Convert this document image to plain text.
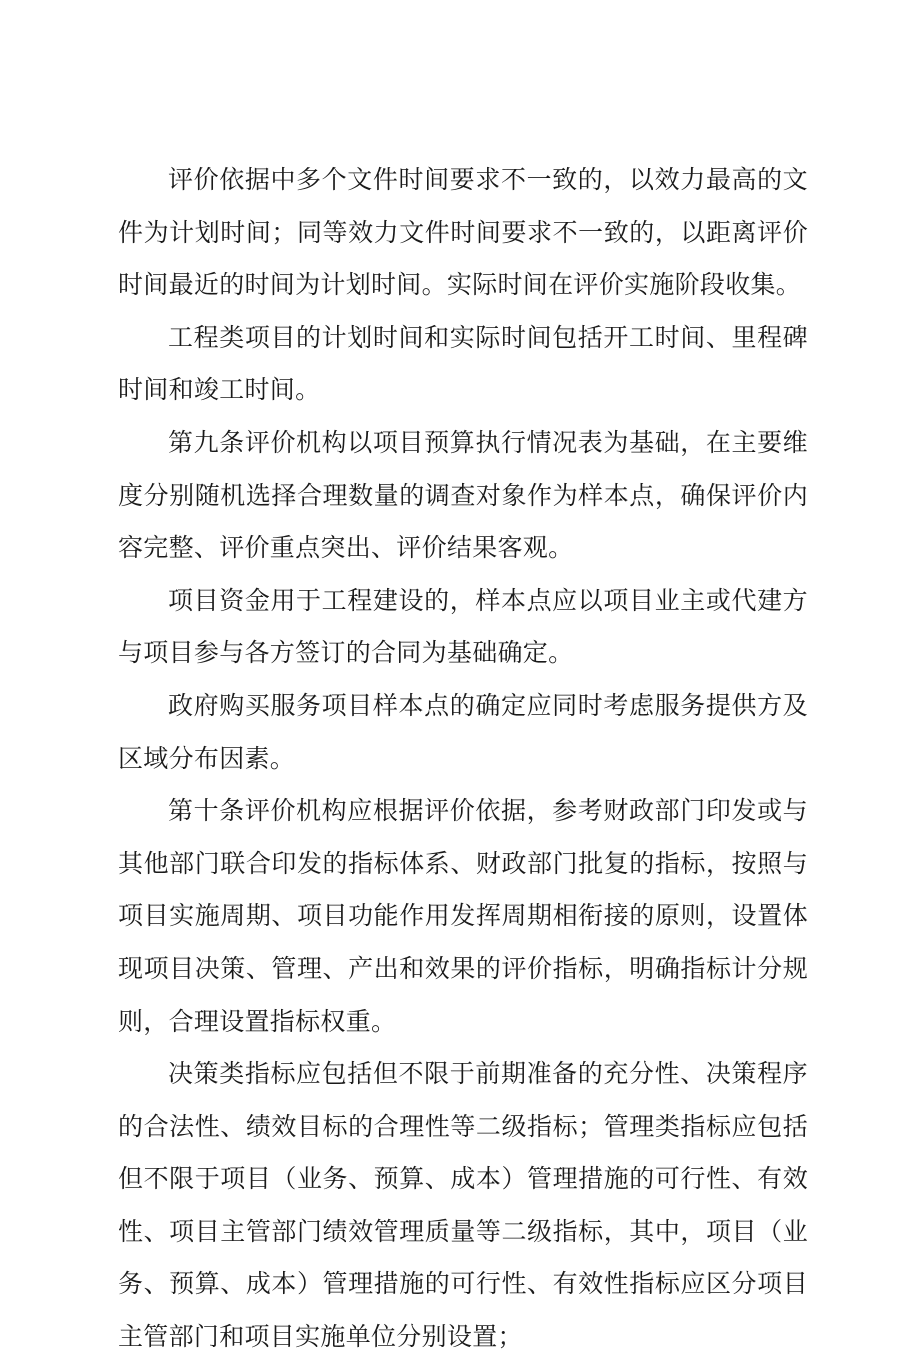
评价依据中多个文件时间要求不一致的，以效力最高的文件为计划时间；同等效力文件时间要求不一致的，以距离评价时间最近的时间为计划时间。实际时间在评价实施阶段收集。

工程类项目的计划时间和实际时间包括开工时间、里程碑时间和竣工时间。

第九条评价机构以项目预算执行情况表为基础，在主要维度分别随机选择合理数量的调查对象作为样本点，确保评价内容完整、评价重点突出、评价结果客观。

项目资金用于工程建设的，样本点应以项目业主或代建方与项目参与各方签订的合同为基础确定。

政府购买服务项目样本点的确定应同时考虑服务提供方及区域分布因素。

第十条评价机构应根据评价依据，参考财政部门印发或与其他部门联合印发的指标体系、财政部门批复的指标，按照与项目实施周期、项目功能作用发挥周期相衔接的原则，设置体现项目决策、管理、产出和效果的评价指标，明确指标计分规则，合理设置指标权重。

决策类指标应包括但不限于前期准备的充分性、决策程序的合法性、绩效目标的合理性等二级指标；管理类指标应包括但不限于项目（业务、预算、成本）管理措施的可行性、有效性、项目主管部门绩效管理质量等二级指标，其中，项目（业务、预算、成本）管理措施的可行性、有效性指标应区分项目主管部门和项目实施单位分别设置；
